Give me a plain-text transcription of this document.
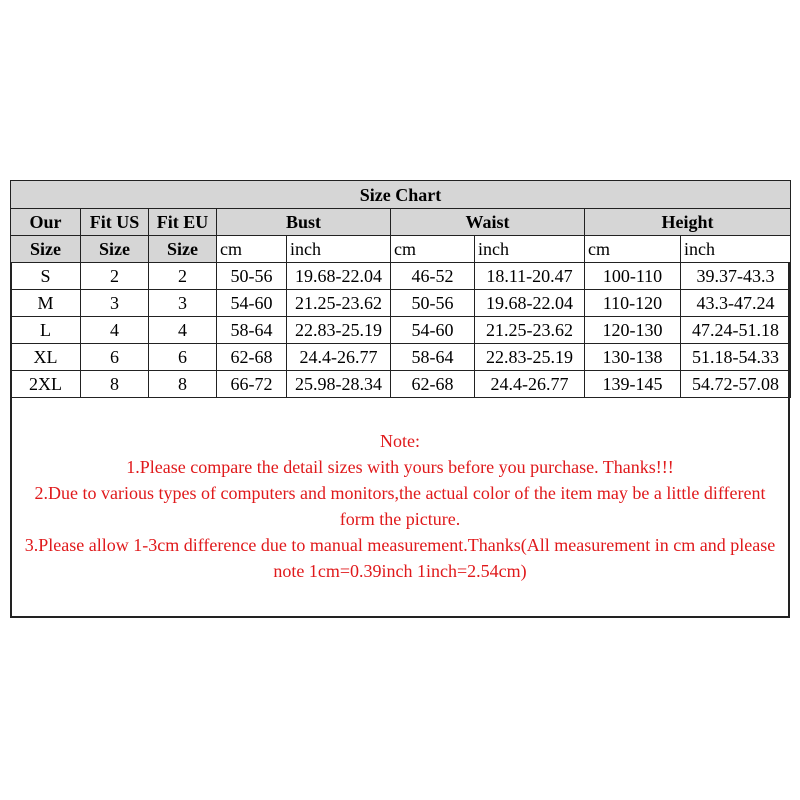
Size Chart								
Our	Fit US	Fit EU	Bust		Waist		Height	
Size	Size	Size	cm	inch	cm	inch	cm	inch
S	2	2	50-56	19.68-22.04	46-52	18.11-20.47	100-110	39.37-43.3
M	3	3	54-60	21.25-23.62	50-56	19.68-22.04	110-120	43.3-47.24
L	4	4	58-64	22.83-25.19	54-60	21.25-23.62	120-130	47.24-51.18
XL	6	6	62-68	24.4-26.77	58-64	22.83-25.19	130-138	51.18-54.33
2XL	8	8	66-72	25.98-28.34	62-68	24.4-26.77	139-145	54.72-57.08
Note:
1.Please compare the detail sizes with yours before you purchase. Thanks!!!
2.Due to various types of computers and monitors,the actual color of the item may be a little different form the picture.
3.Please allow 1-3cm difference due to manual measurement.Thanks(All measurement in cm and please note 1cm=0.39inch 1inch=2.54cm)
